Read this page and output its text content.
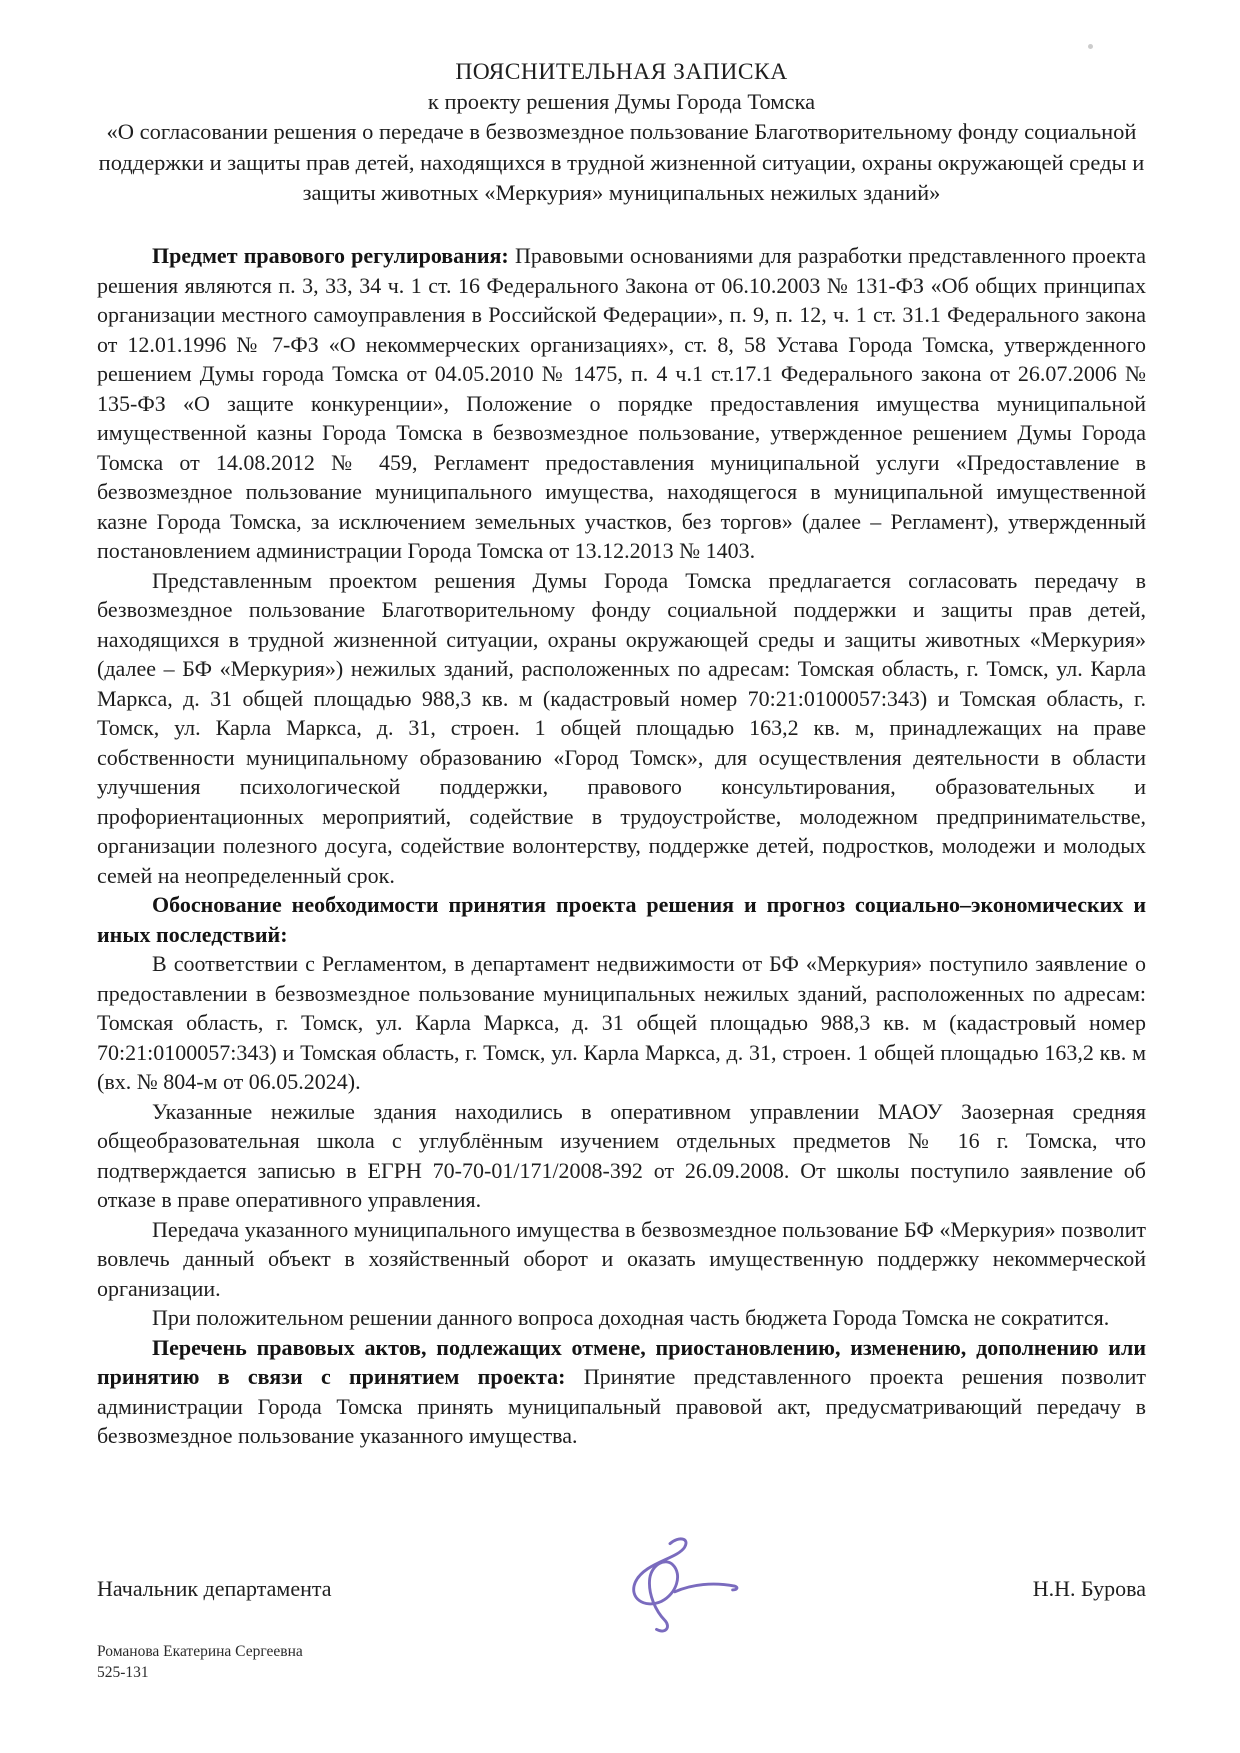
ПОЯСНИТЕЛЬНАЯ ЗАПИСКА
к проекту решения Думы Города Томска
«О согласовании решения о передаче в безвозмездное пользование Благотворительному фонду социальной поддержки и защиты прав детей, находящихся в трудной жизненной ситуации, охраны окружающей среды и защиты животных «Меркурия» муниципальных нежилых зданий»

Предмет правового регулирования: Правовыми основаниями для разработки представленного проекта решения являются п. 3, 33, 34 ч. 1 ст. 16 Федерального Закона от 06.10.2003 № 131-ФЗ «Об общих принципах организации местного самоуправления в Российской Федерации», п. 9, п. 12, ч. 1 ст. 31.1 Федерального закона от 12.01.1996 № 7-ФЗ «О некоммерческих организациях», ст. 8, 58 Устава Города Томска, утвержденного решением Думы города Томска от 04.05.2010 № 1475, п. 4 ч.1 ст.17.1 Федерального закона от 26.07.2006 № 135-ФЗ «О защите конкуренции», Положение о порядке предоставления имущества муниципальной имущественной казны Города Томска в безвозмездное пользование, утвержденное решением Думы Города Томска от 14.08.2012 № 459, Регламент предоставления муниципальной услуги «Предоставление в безвозмездное пользование муниципального имущества, находящегося в муниципальной имущественной казне Города Томска, за исключением земельных участков, без торгов» (далее – Регламент), утвержденный постановлением администрации Города Томска от 13.12.2013 № 1403.

Представленным проектом решения Думы Города Томска предлагается согласовать передачу в безвозмездное пользование Благотворительному фонду социальной поддержки и защиты прав детей, находящихся в трудной жизненной ситуации, охраны окружающей среды и защиты животных «Меркурия» (далее – БФ «Меркурия») нежилых зданий, расположенных по адресам: Томская область, г. Томск, ул. Карла Маркса, д. 31 общей площадью 988,3 кв. м (кадастровый номер 70:21:0100057:343) и Томская область, г. Томск, ул. Карла Маркса, д. 31, строен. 1 общей площадью 163,2 кв. м, принадлежащих на праве собственности муниципальному образованию «Город Томск», для осуществления деятельности в области улучшения психологической поддержки, правового консультирования, образовательных и профориентационных мероприятий, содействие в трудоустройстве, молодежном предпринимательстве, организации полезного досуга, содействие волонтерству, поддержке детей, подростков, молодежи и молодых семей на неопределенный срок.

Обоснование необходимости принятия проекта решения и прогноз социально–экономических и иных последствий:

В соответствии с Регламентом, в департамент недвижимости от БФ «Меркурия» поступило заявление о предоставлении в безвозмездное пользование муниципальных нежилых зданий, расположенных по адресам: Томская область, г. Томск, ул. Карла Маркса, д. 31 общей площадью 988,3 кв. м (кадастровый номер 70:21:0100057:343) и Томская область, г. Томск, ул. Карла Маркса, д. 31, строен. 1 общей площадью 163,2 кв. м (вх. № 804-м от 06.05.2024).

Указанные нежилые здания находились в оперативном управлении МАОУ Заозерная средняя общеобразовательная школа с углублённым изучением отдельных предметов № 16 г. Томска, что подтверждается записью в ЕГРН 70-70-01/171/2008-392 от 26.09.2008. От школы поступило заявление об отказе в праве оперативного управления.

Передача указанного муниципального имущества в безвозмездное пользование БФ «Меркурия» позволит вовлечь данный объект в хозяйственный оборот и оказать имущественную поддержку некоммерческой организации.

При положительном решении данного вопроса доходная часть бюджета Города Томска не сократится.

Перечень правовых актов, подлежащих отмене, приостановлению, изменению, дополнению или принятию в связи с принятием проекта: Принятие представленного проекта решения позволит администрации Города Томска принять муниципальный правовой акт, предусматривающий передачу в безвозмездное пользование указанного имущества.

Начальник департамента	Н.Н. Бурова
Романова Екатерина Сергеевна
525-131
